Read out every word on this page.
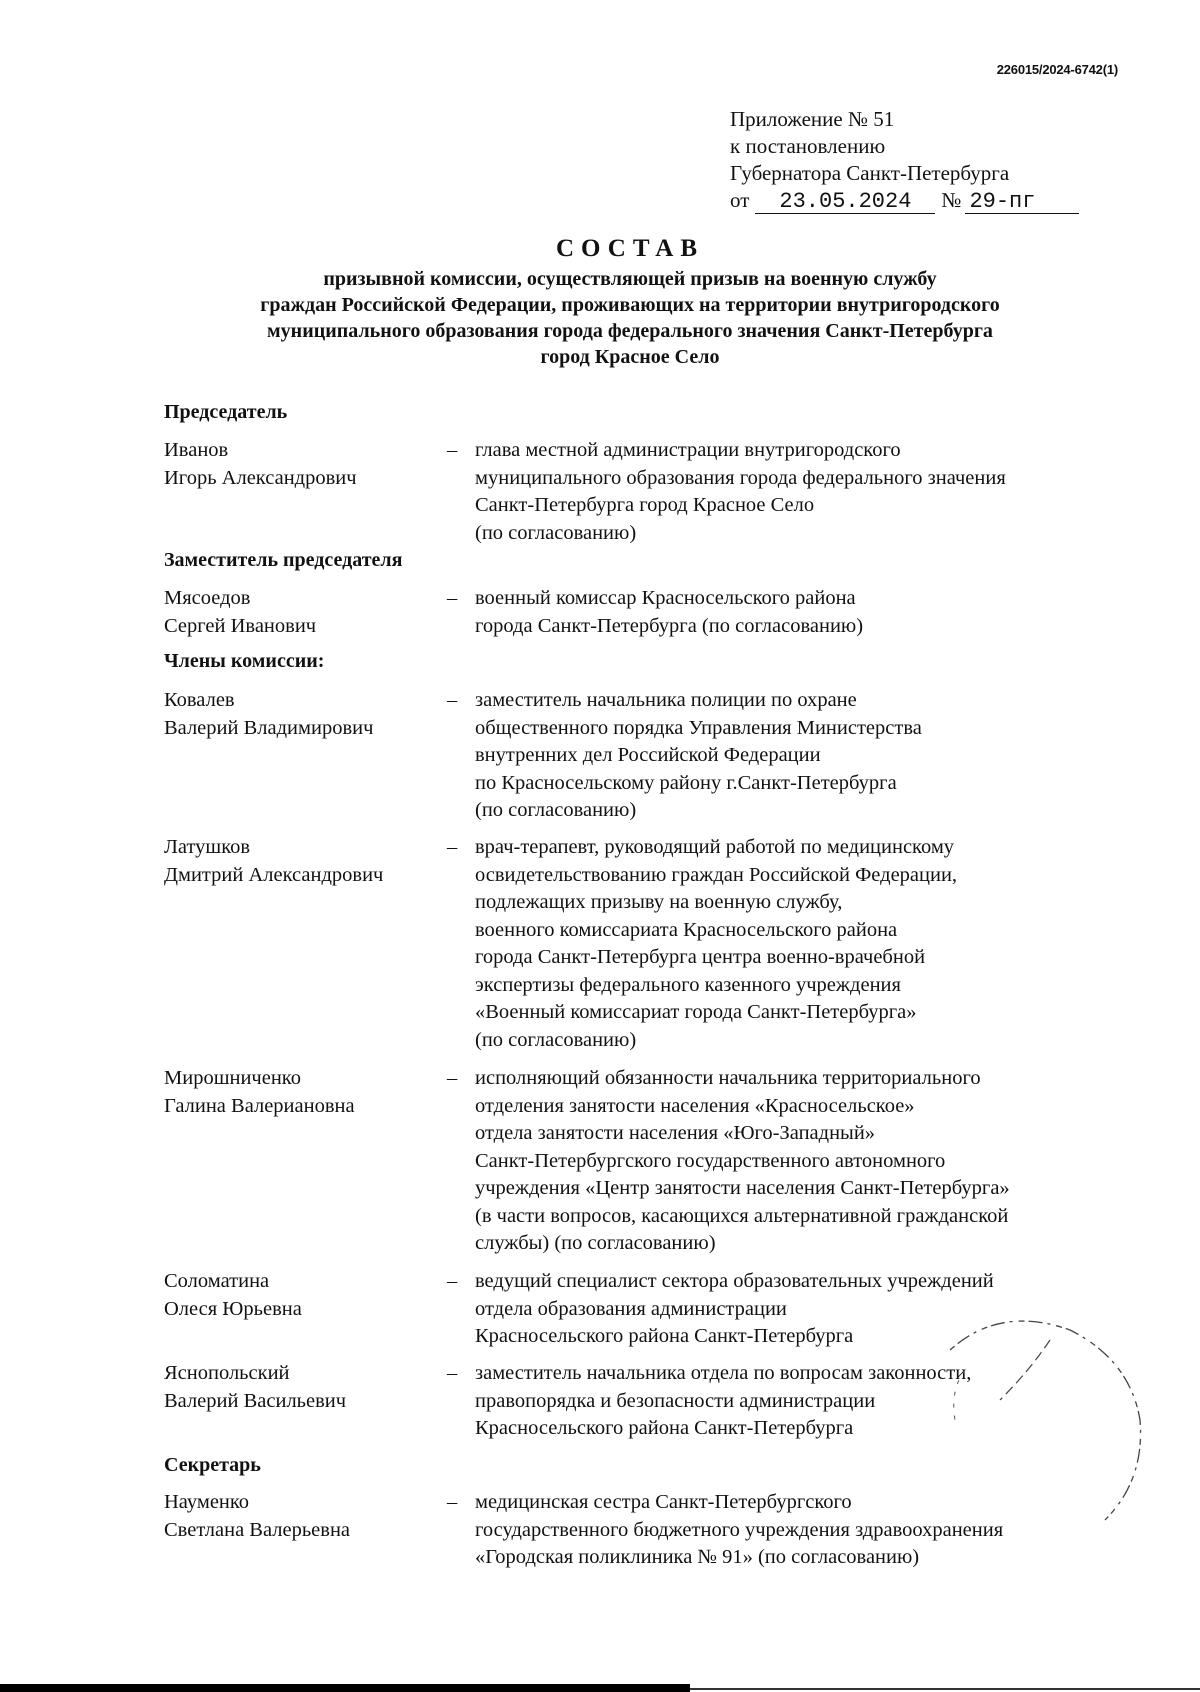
226015/2024-6742(1)
Приложение № 51
к постановлению
Губернатора Санкт-Петербурга
от	23.05.2024	№ 29-пг
СОСТАВ
призывной комиссии, осуществляющей призыв на военную службу
граждан Российской Федерации, проживающих на территории внутригородского
муниципального образования города федерального значения Санкт-Петербурга
город Красное Село
Председатель
Иванов
Игорь Александрович
– глава местной администрации внутригородского
муниципального образования города федерального значения
Санкт-Петербурга город Красное Село
(по согласованию)
Заместитель председателя
Мясоедов
Сергей Иванович
– военный комиссар Красносельского района
города Санкт-Петербурга (по согласованию)
Члены комиссии:
Ковалев
Валерий Владимирович
– заместитель начальника полиции по охране
общественного порядка Управления Министерства
внутренних дел Российской Федерации
по Красносельскому району г.Санкт-Петербурга
(по согласованию)
Латушков
Дмитрий Александрович
– врач-терапевт, руководящий работой по медицинскому
освидетельствованию граждан Российской Федерации,
подлежащих призыву на военную службу,
военного комиссариата Красносельского района
города Санкт-Петербурга центра военно-врачебной
экспертизы федерального казенного учреждения
«Военный комиссариат города Санкт-Петербурга»
(по согласованию)
Мирошниченко
Галина Валериановна
– исполняющий обязанности начальника территориального
отделения занятости населения «Красносельское»
отдела занятости населения «Юго-Западный»
Санкт-Петербургского государственного автономного
учреждения «Центр занятости населения Санкт-Петербурга»
(в части вопросов, касающихся альтернативной гражданской
службы) (по согласованию)
Соломатина
Олеся Юрьевна
– ведущий специалист сектора образовательных учреждений
отдела образования администрации
Красносельского района Санкт-Петербурга
Яснопольский
Валерий Васильевич
– заместитель начальника отдела по вопросам законности,
правопорядка и безопасности администрации
Красносельского района Санкт-Петербурга
Секретарь
Науменко
Светлана Валерьевна
– медицинская сестра Санкт-Петербургского
государственного бюджетного учреждения здравоохранения
«Городская поликлиника № 91» (по согласованию)
